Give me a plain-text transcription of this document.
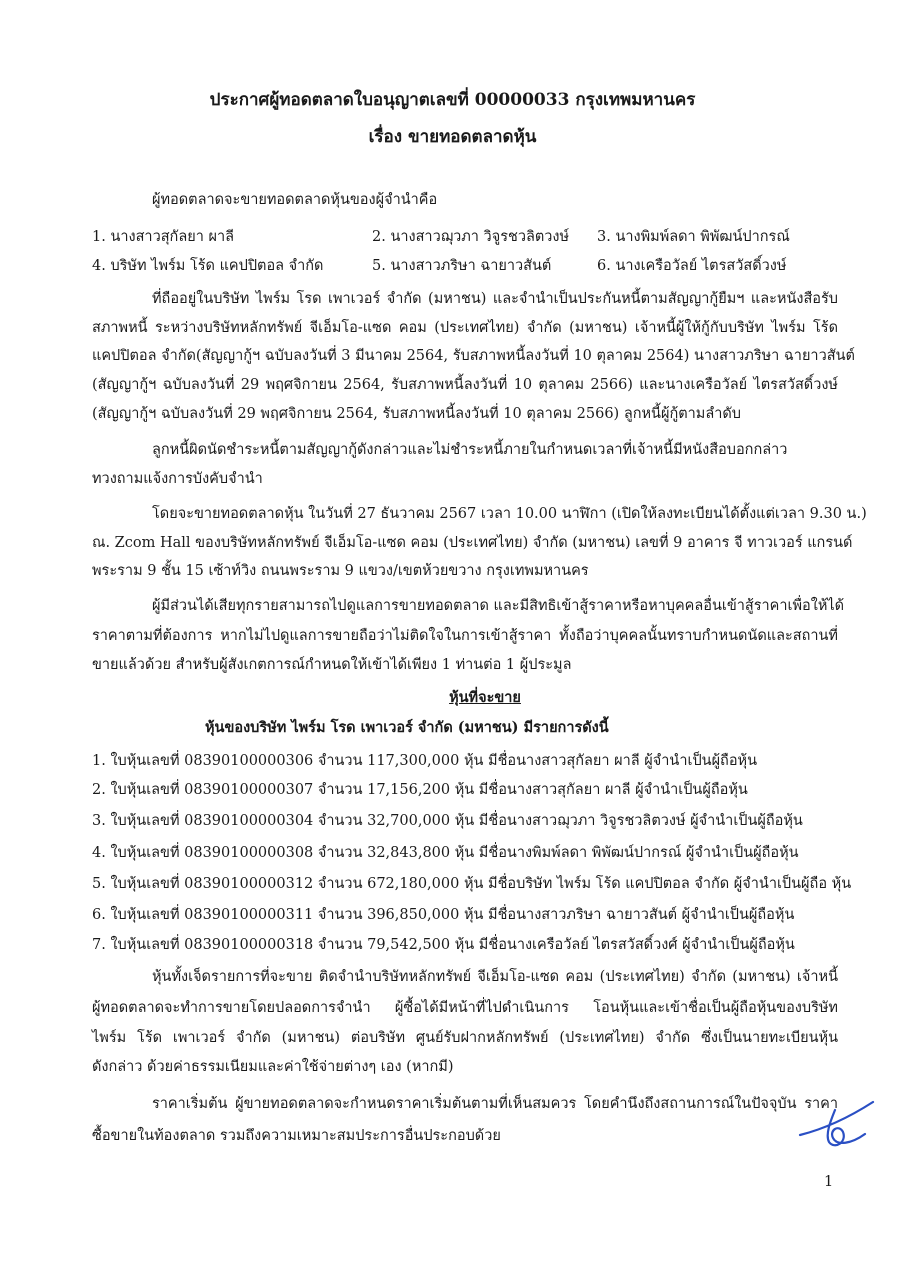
ประกาศผู้ทอดตลาดใบอนุญาตเลขที่ 00000033 กรุงเทพมหานคร
เรื่อง ขายทอดตลาดหุ้น
ผู้ทอดตลาดจะขายทอดตลาดหุ้นของผู้จำนำคือ
1. นางสาวสุกัลยา ผาลี	2. นางสาวฌุวภา วิจูรชวลิตวงษ์ 3. นางพิมพ์ลดา พิพัฒน์ปากรณ์
4. บริษัท ไพร์ม โร้ด แคปปิตอล จำกัด	5. นางสาวภริษา ฉายาวสันต์	6. นางเครือวัลย์ ไตรสวัสดิ์วงษ์
ที่ถืออยู่ในบริษัท ไพร์ม โรด เพาเวอร์ จำกัด (มหาชน) และจำนำเป็นประกันหนี้ตามสัญญากู้ยืมฯ และหนังสือรับ
สภาพหนี้ ระหว่างบริษัทหลักทรัพย์ จีเอ็มโอ-แซด คอม (ประเทศไทย) จำกัด (มหาชน) เจ้าหนี้ผู้ให้กู้กับบริษัท ไพร์ม โร้ด
แคปปิตอล จำกัด(สัญญากู้ฯ ฉบับลงวันที่ 3 มีนาคม 2564, รับสภาพหนี้ลงวันที่ 10 ตุลาคม 2564) นางสาวภริษา ฉายาวสันต์
(สัญญากู้ฯ ฉบับลงวันที่ 29 พฤศจิกายน 2564, รับสภาพหนี้ลงวันที่ 10 ตุลาคม 2566) และนางเครือวัลย์ ไตรสวัสดิ์วงษ์
(สัญญากู้ฯ ฉบับลงวันที่ 29 พฤศจิกายน 2564, รับสภาพหนี้ลงวันที่ 10 ตุลาคม 2566) ลูกหนี้ผู้กู้ตามลำดับ
ลูกหนี้ผิดนัดชำระหนี้ตามสัญญากู้ดังกล่าวและไม่ชำระหนี้ภายในกำหนดเวลาที่เจ้าหนี้มีหนังสือบอกกล่าว
ทวงถามแจ้งการบังคับจำนำ
โดยจะขายทอดตลาดหุ้น ในวันที่ 27 ธันวาคม 2567 เวลา 10.00 นาฬิกา (เปิดให้ลงทะเบียนได้ตั้งแต่เวลา 9.30 น.)
ณ. Zcom Hall ของบริษัทหลักทรัพย์ จีเอ็มโอ-แซด คอม (ประเทศไทย) จำกัด (มหาชน) เลขที่ 9 อาคาร จี ทาวเวอร์ แกรนด์
พระราม 9 ชั้น 15 เซ้าท์วิง ถนนพระราม 9 แขวง/เขตห้วยขวาง กรุงเทพมหานคร
ผู้มีส่วนได้เสียทุกรายสามารถไปดูแลการขายทอดตลาด และมีสิทธิเข้าสู้ราคาหรือหาบุคคลอื่นเข้าสู้ราคาเพื่อให้ได้
ราคาตามที่ต้องการ หากไม่ไปดูแลการขายถือว่าไม่ติดใจในการเข้าสู้ราคา ทั้งถือว่าบุคคลนั้นทราบกำหนดนัดและสถานที่
ขายแล้วด้วย สำหรับผู้สังเกตการณ์กำหนดให้เข้าได้เพียง 1 ท่านต่อ 1 ผู้ประมูล
หุ้นที่จะขาย
หุ้นของบริษัท ไพร์ม โรด เพาเวอร์ จำกัด (มหาชน) มีรายการดังนี้
1. ใบหุ้นเลขที่ 08390100000306 จำนวน 117,300,000 หุ้น มีชื่อนางสาวสุกัลยา ผาลี ผู้จำนำเป็นผู้ถือหุ้น
2. ใบหุ้นเลขที่ 08390100000307 จำนวน 17,156,200 หุ้น มีชื่อนางสาวสุกัลยา ผาลี ผู้จำนำเป็นผู้ถือหุ้น
3. ใบหุ้นเลขที่ 08390100000304 จำนวน 32,700,000 หุ้น มีชื่อนางสาวฌุวภา วิจูรชวลิตวงษ์ ผู้จำนำเป็นผู้ถือหุ้น
4. ใบหุ้นเลขที่ 08390100000308 จำนวน 32,843,800 หุ้น มีชื่อนางพิมพ์ลดา พิพัฒน์ปากรณ์ ผู้จำนำเป็นผู้ถือหุ้น
5. ใบหุ้นเลขที่ 08390100000312 จำนวน 672,180,000 หุ้น มีชื่อบริษัท ไพร์ม โร้ด แคปปิตอล จำกัด ผู้จำนำเป็นผู้ถือ หุ้น
6. ใบหุ้นเลขที่ 08390100000311 จำนวน 396,850,000 หุ้น มีชื่อนางสาวภริษา ฉายาวสันต์ ผู้จำนำเป็นผู้ถือหุ้น
7. ใบหุ้นเลขที่ 08390100000318 จำนวน 79,542,500 หุ้น มีชื่อนางเครือวัลย์ ไตรสวัสดิ์วงศ์ ผู้จำนำเป็นผู้ถือหุ้น
หุ้นทั้งเจ็ดรายการที่จะขาย ติดจำนำบริษัทหลักทรัพย์ จีเอ็มโอ-แซด คอม (ประเทศไทย) จำกัด (มหาชน) เจ้าหนี้
ผู้ทอดตลาดจะทำการขายโดยปลอดการจำนำ ผู้ซื้อได้มีหน้าที่ไปดำเนินการ โอนหุ้นและเข้าชื่อเป็นผู้ถือหุ้นของบริษัท
ไพร์ม โร้ด เพาเวอร์ จำกัด (มหาชน) ต่อบริษัท ศูนย์รับฝากหลักทรัพย์ (ประเทศไทย) จำกัด ซึ่งเป็นนายทะเบียนหุ้น
ดังกล่าว ด้วยค่าธรรมเนียมและค่าใช้จ่ายต่างๆ เอง (หากมี)
ราคาเริ่มต้น ผู้ขายทอดตลาดจะกำหนดราคาเริ่มต้นตามที่เห็นสมควร โดยคำนึงถึงสถานการณ์ในปัจจุบัน ราคา
ซื้อขายในท้องตลาด รวมถึงความเหมาะสมประการอื่นประกอบด้วย
1
